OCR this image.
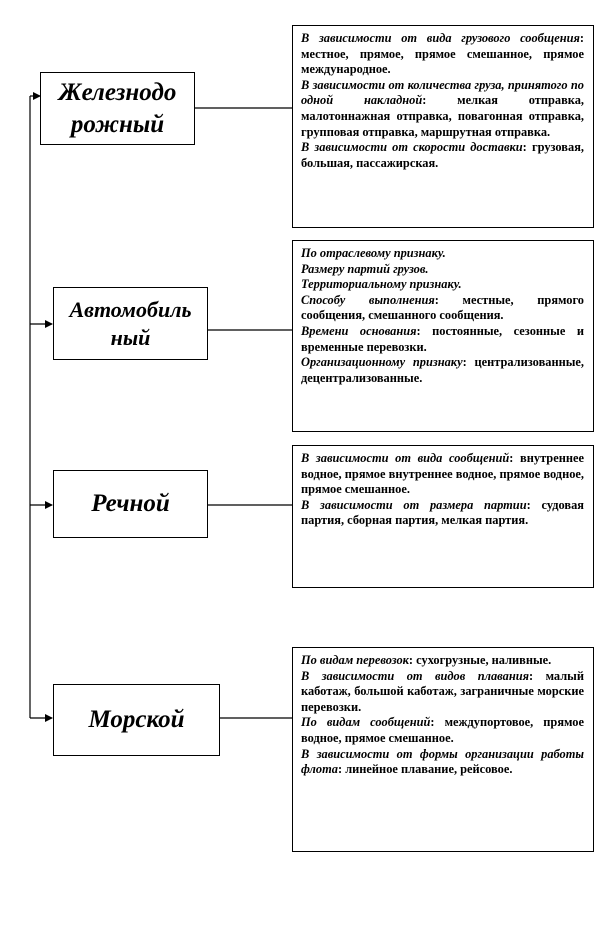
Железнодо рожный
Автомобиль ный
Речной
Морской

В зависимости от вида грузового сообщения: местное, прямое, прямое смешанное, прямое международное.

В зависимости от количества груза, принятого по одной накладной: мелкая отправка, малотоннажная отправка, повагонная отправка, групповая отправка, маршрутная отправка.

В зависимости от скорости доставки: грузовая, большая, пассажирская.

По отраслевому признаку.

Размеру партий грузов.

Территориальному признаку.

Способу выполнения: местные, прямого сообщения, смешанного сообщения.

Времени основания: постоянные, сезонные и временные перевозки.

Организационному признаку: централизованные, децентрализованные.

В зависимости от вида сообщений: внутреннее водное, прямое внутреннее водное, прямое водное, прямое смешанное.

В зависимости от размера партии: судовая партия, сборная партия, мелкая партия.

По видам перевозок: сухогрузные, наливные.

В зависимости от видов плавания: малый каботаж, большой каботаж, заграничные морские перевозки.

По видам сообщений: междупортовое, прямое водное, прямое смешанное.

В зависимости от формы организации работы флота: линейное плавание, рейсовое.
